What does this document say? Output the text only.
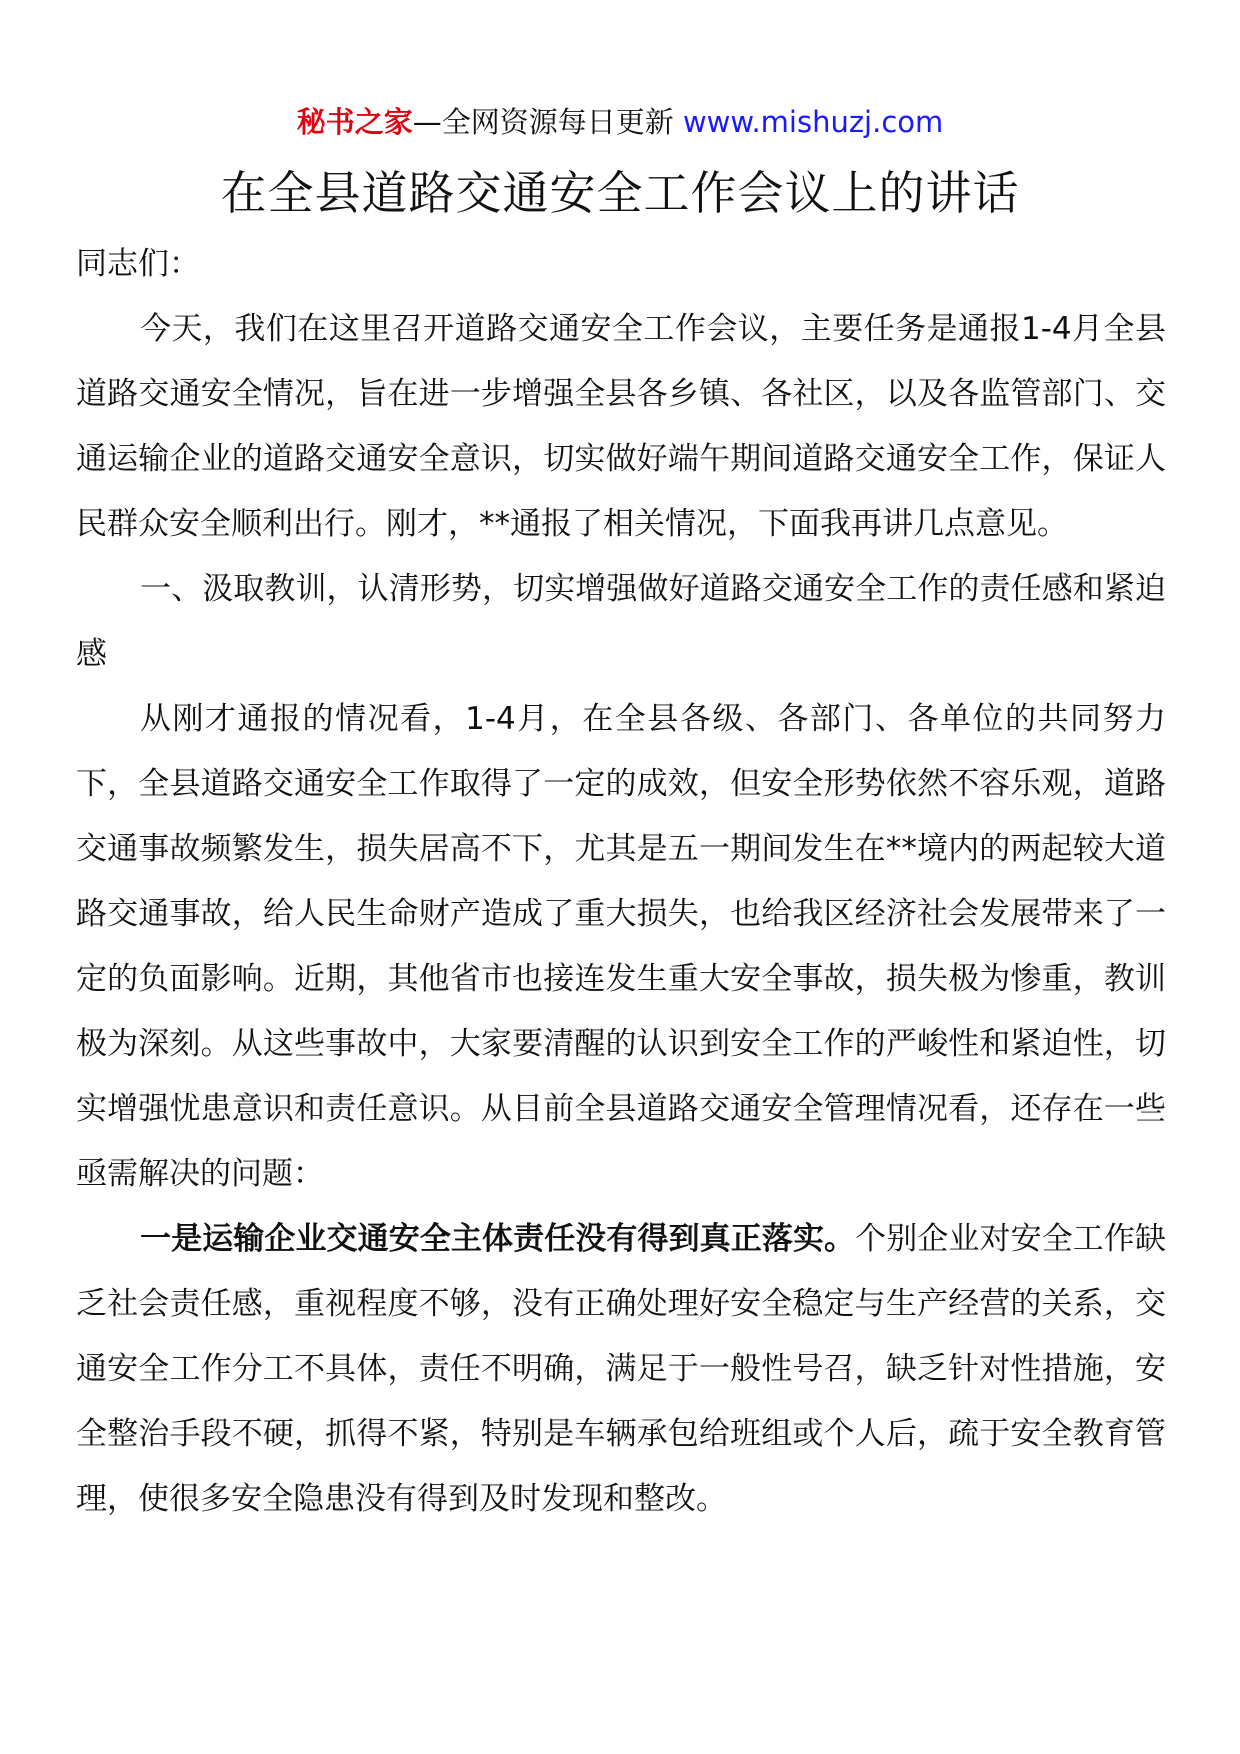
秘书之家—全网资源每日更新 www.mishuzj.com
在全县道路交通安全工作会议上的讲话

同志们：

今天，我们在这里召开道路交通安全工作会议，主要任务是通报1-4月全县道路交通安全情况，旨在进一步增强全县各乡镇、各社区，以及各监管部门、交通运输企业的道路交通安全意识，切实做好端午期间道路交通安全工作，保证人民群众安全顺利出行。刚才，**通报了相关情况，下面我再讲几点意见。

一、汲取教训，认清形势，切实增强做好道路交通安全工作的责任感和紧迫感

从刚才通报的情况看，1-4月，在全县各级、各部门、各单位的共同努力下，全县道路交通安全工作取得了一定的成效，但安全形势依然不容乐观，道路交通事故频繁发生，损失居高不下，尤其是五一期间发生在**境内的两起较大道路交通事故，给人民生命财产造成了重大损失，也给我区经济社会发展带来了一定的负面影响。近期，其他省市也接连发生重大安全事故，损失极为惨重，教训极为深刻。从这些事故中，大家要清醒的认识到安全工作的严峻性和紧迫性，切实增强忧患意识和责任意识。从目前全县道路交通安全管理情况看，还存在一些亟需解决的问题：

一是运输企业交通安全主体责任没有得到真正落实。个别企业对安全工作缺乏社会责任感，重视程度不够，没有正确处理好安全稳定与生产经营的关系，交通安全工作分工不具体，责任不明确，满足于一般性号召，缺乏针对性措施，安全整治手段不硬，抓得不紧，特别是车辆承包给班组或个人后，疏于安全教育管理，使很多安全隐患没有得到及时发现和整改。
